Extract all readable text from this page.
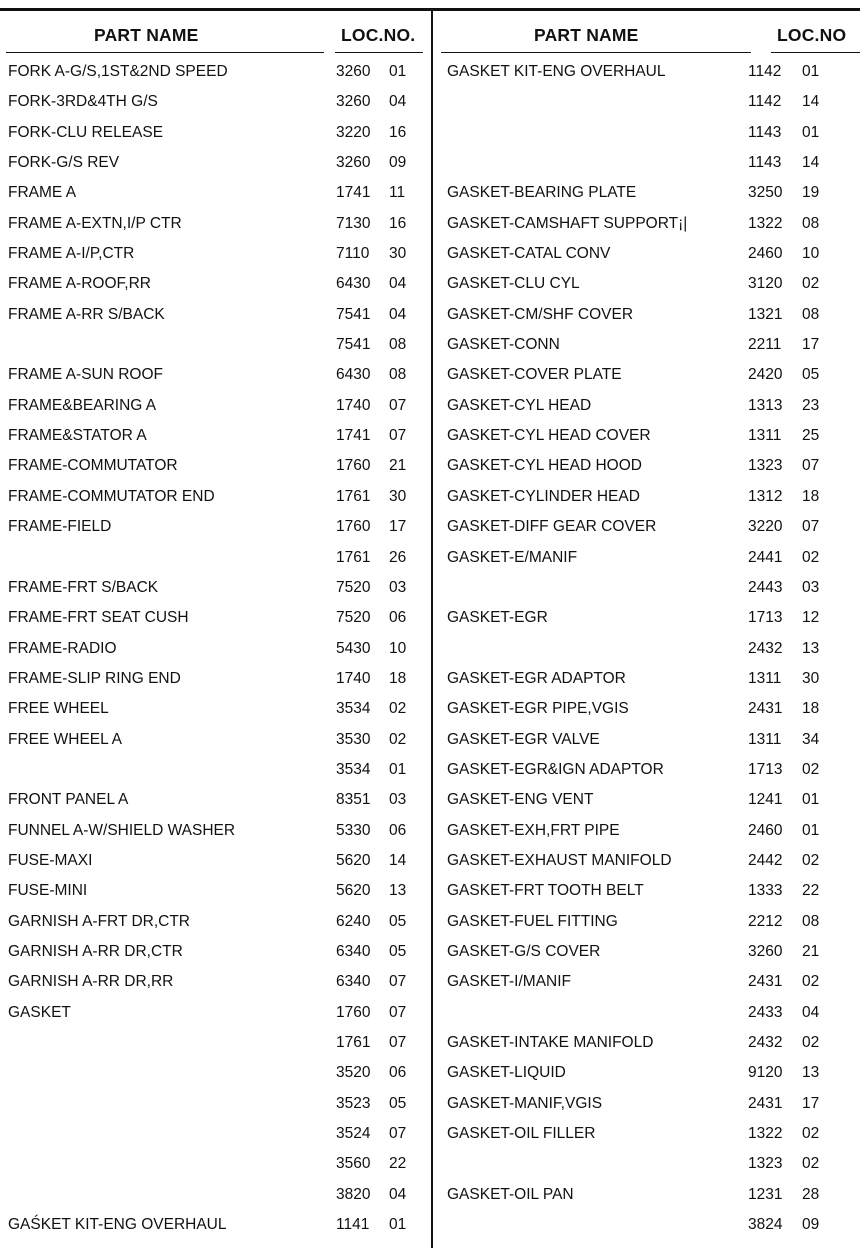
PART NAME	LOC.NO.	PART NAME	LOC.NO
FORK A-G/S,1ST&2ND SPEED	3260 01
FORK-3RD&4TH G/S	3260 04
FORK-CLU RELEASE	3220 16
FORK-G/S REV	3260 09
FRAME A	1741 11
FRAME A-EXTN,I/P CTR	7130 16
FRAME A-I/P,CTR	7110 30
FRAME A-ROOF,RR	6430 04
FRAME A-RR S/BACK	7541 04
7541 08
FRAME A-SUN ROOF	6430 08
FRAME&BEARING A	1740 07
FRAME&STATOR A	1741 07
FRAME-COMMUTATOR	1760 21
FRAME-COMMUTATOR END	1761 30
FRAME-FIELD	1760 17
1761 26
FRAME-FRT S/BACK	7520 03
FRAME-FRT SEAT CUSH	7520 06
FRAME-RADIO	5430 10
FRAME-SLIP RING END	1740 18
FREE WHEEL	3534 02
FREE WHEEL A	3530 02
3534 01
FRONT PANEL A	8351 03
FUNNEL A-W/SHIELD WASHER	5330 06
FUSE-MAXI	5620 14
FUSE-MINI	5620 13
GARNISH A-FRT DR,CTR	6240 05
GARNISH A-RR DR,CTR	6340 05
GARNISH A-RR DR,RR	6340 07
GASKET	1760 07
1761 07
3520 06
3523 05
3524 07
3560 22
3820 04
GAŚKET KIT-ENG OVERHAUL	1141 01
GASKET KIT-ENG OVERHAUL	1142 01
1142 14
1143 01
1143 14
GASKET-BEARING PLATE	3250 19
GASKET-CAMSHAFT SUPPORT¡|	1322 08
GASKET-CATAL CONV	2460 10
GASKET-CLU CYL	3120 02
GASKET-CM/SHF COVER	1321 08
GASKET-CONN	2211 17
GASKET-COVER PLATE	2420 05
GASKET-CYL HEAD	1313 23
GASKET-CYL HEAD COVER	1311 25
GASKET-CYL HEAD HOOD	1323 07
GASKET-CYLINDER HEAD	1312 18
GASKET-DIFF GEAR COVER	3220 07
GASKET-E/MANIF	2441 02
2443 03
GASKET-EGR	1713 12
2432 13
GASKET-EGR ADAPTOR	1311 30
GASKET-EGR PIPE,VGIS	2431 18
GASKET-EGR VALVE	1311 34
GASKET-EGR&IGN ADAPTOR	1713 02
GASKET-ENG VENT	1241 01
GASKET-EXH,FRT PIPE	2460 01
GASKET-EXHAUST MANIFOLD	2442 02
GASKET-FRT TOOTH BELT	1333 22
GASKET-FUEL FITTING	2212 08
GASKET-G/S COVER	3260 21
GASKET-I/MANIF	2431 02
2433 04
GASKET-INTAKE MANIFOLD	2432 02
GASKET-LIQUID	9120 13
GASKET-MANIF,VGIS	2431 17
GASKET-OIL FILLER	1322 02
1323 02
GASKET-OIL PAN	1231 28
3824 09
